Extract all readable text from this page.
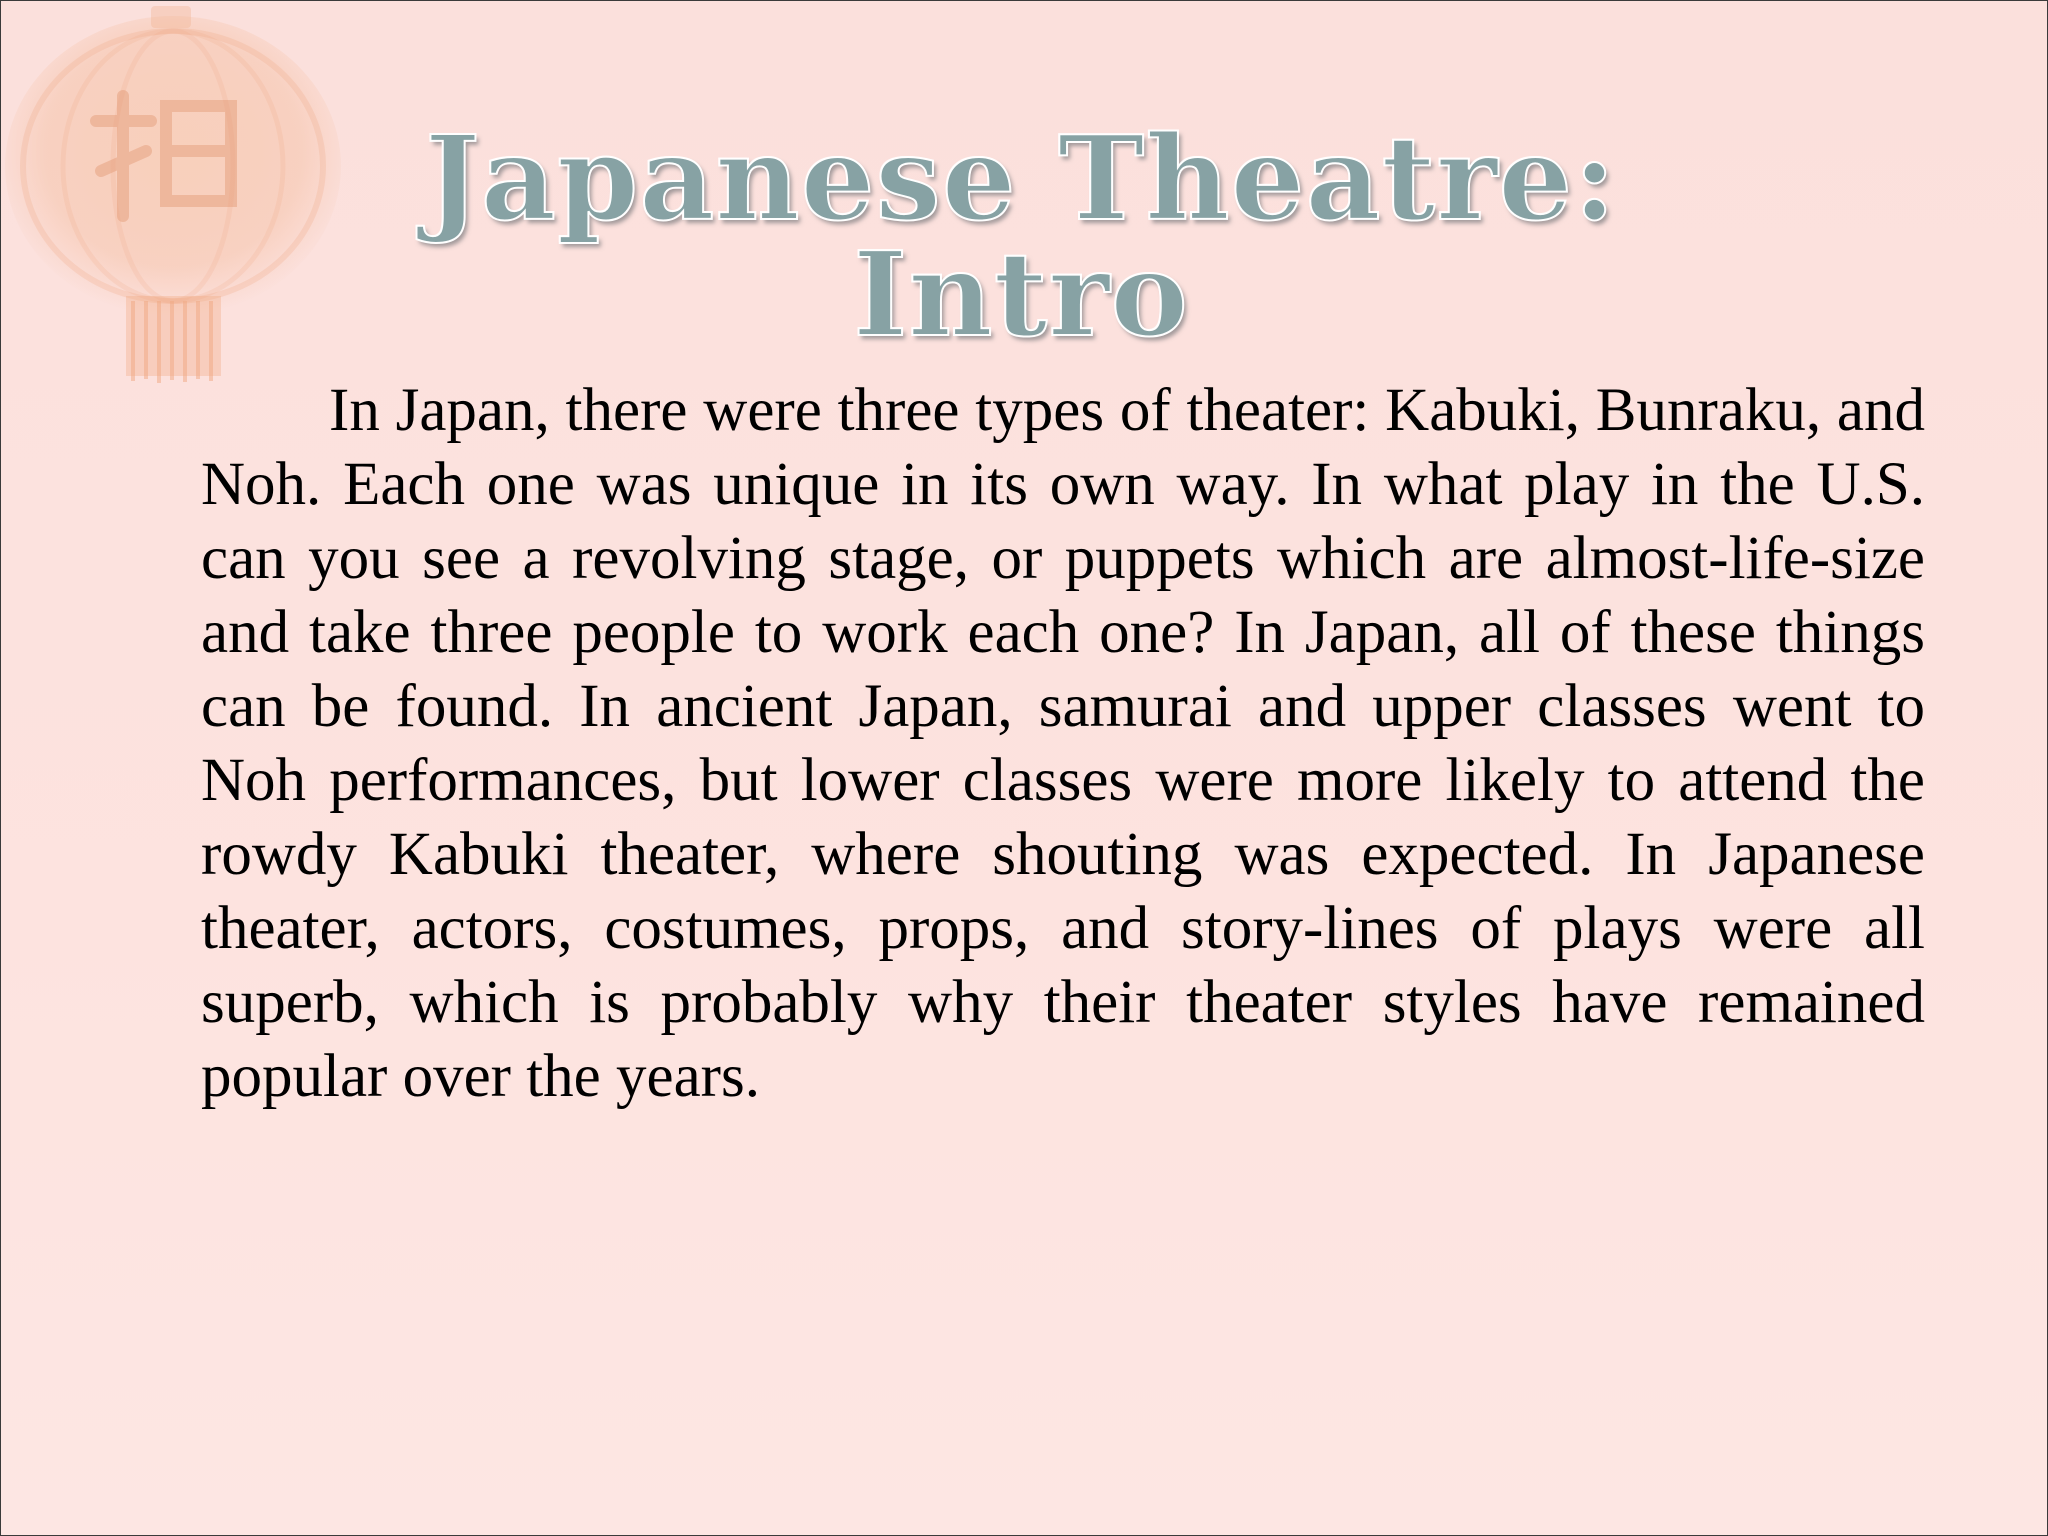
Japanese Theatre: Intro

In Japan, there were three types of theater: Kabuki, Bunraku, and Noh. Each one was unique in its own way. In what play in the U.S. can you see a revolving stage, or puppets which are almost-life-size and take three people to work each one? In Japan, all of these things can be found. In ancient Japan, samurai and upper classes went to Noh performances, but lower classes were more likely to attend the rowdy Kabuki theater, where shouting was expected. In Japanese theater, actors, costumes, props, and story-lines of plays were all superb, which is probably why their theater styles have remained popular over the years.
